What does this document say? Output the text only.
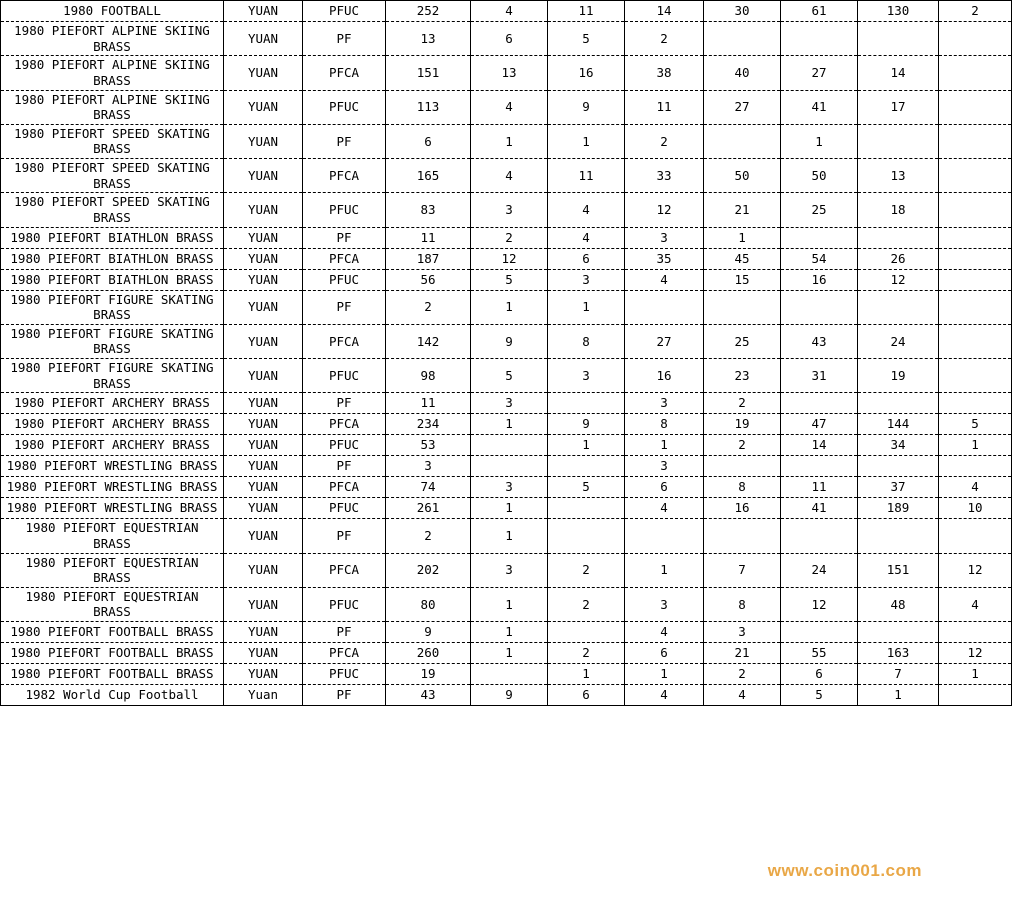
1980 FOOTBALL	YUAN	PFUC	252	4	11	14	30	61	130	2
1980 PIEFORT ALPINE SKIING BRASS	YUAN	PF	13	6	5	2				
1980 PIEFORT ALPINE SKIING BRASS	YUAN	PFCA	151	13	16	38	40	27	14	
1980 PIEFORT ALPINE SKIING BRASS	YUAN	PFUC	113	4	9	11	27	41	17	
1980 PIEFORT SPEED SKATING BRASS	YUAN	PF	6	1	1	2		1		
1980 PIEFORT SPEED SKATING BRASS	YUAN	PFCA	165	4	11	33	50	50	13	
1980 PIEFORT SPEED SKATING BRASS	YUAN	PFUC	83	3	4	12	21	25	18	
1980 PIEFORT BIATHLON BRASS	YUAN	PF	11	2	4	3	1			
1980 PIEFORT BIATHLON BRASS	YUAN	PFCA	187	12	6	35	45	54	26	
1980 PIEFORT BIATHLON BRASS	YUAN	PFUC	56	5	3	4	15	16	12	
1980 PIEFORT FIGURE SKATING BRASS	YUAN	PF	2	1	1					
1980 PIEFORT FIGURE SKATING BRASS	YUAN	PFCA	142	9	8	27	25	43	24	
1980 PIEFORT FIGURE SKATING BRASS	YUAN	PFUC	98	5	3	16	23	31	19	
1980 PIEFORT ARCHERY BRASS	YUAN	PF	11	3		3	2			
1980 PIEFORT ARCHERY BRASS	YUAN	PFCA	234	1	9	8	19	47	144	5
1980 PIEFORT ARCHERY BRASS	YUAN	PFUC	53		1	1	2	14	34	1
1980 PIEFORT WRESTLING BRASS	YUAN	PF	3			3				
1980 PIEFORT WRESTLING BRASS	YUAN	PFCA	74	3	5	6	8	11	37	4
1980 PIEFORT WRESTLING BRASS	YUAN	PFUC	261	1		4	16	41	189	10
1980 PIEFORT EQUESTRIAN BRASS	YUAN	PF	2	1						
1980 PIEFORT EQUESTRIAN BRASS	YUAN	PFCA	202	3	2	1	7	24	151	12
1980 PIEFORT EQUESTRIAN BRASS	YUAN	PFUC	80	1	2	3	8	12	48	4
1980 PIEFORT FOOTBALL BRASS	YUAN	PF	9	1		4	3			
1980 PIEFORT FOOTBALL BRASS	YUAN	PFCA	260	1	2	6	21	55	163	12
1980 PIEFORT FOOTBALL BRASS	YUAN	PFUC	19		1	1	2	6	7	1
1982 World Cup Football	Yuan	PF	43	9	6	4	4	5	1	
www.coin001.com
